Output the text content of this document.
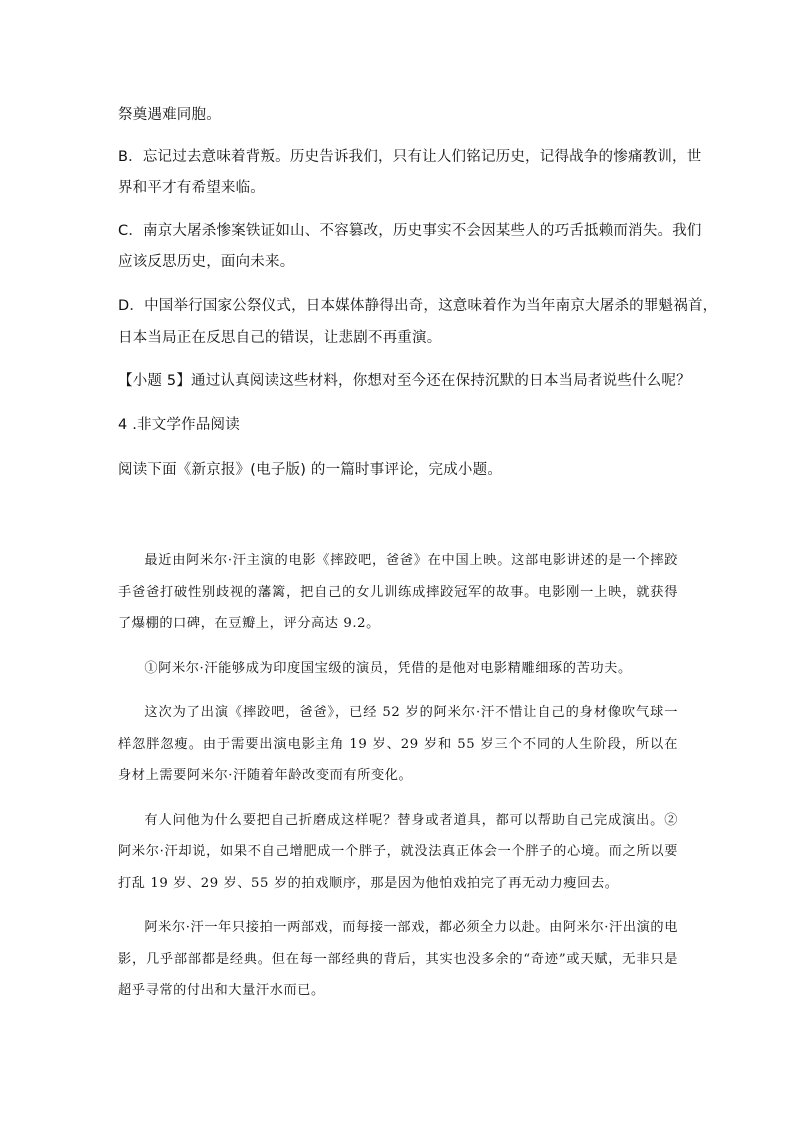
祭奠遇难同胞。
B．忘记过去意味着背叛。历史告诉我们，只有让人们铭记历史，记得战争的惨痛教训，世
界和平才有希望来临。
C．南京大屠杀惨案铁证如山、不容篡改，历史事实不会因某些人的巧舌抵赖而消失。我们
应该反思历史，面向未来。
D．中国举行国家公祭仪式，日本媒体静得出奇，这意味着作为当年南京大屠杀的罪魁祸首，
日本当局正在反思自己的错误，让悲剧不再重演。
【小题 5】通过认真阅读这些材料，你想对至今还在保持沉默的日本当局者说些什么呢？
4 .非文学作品阅读
阅读下面《新京报》(电子版) 的一篇时事评论，完成小题。

最近由阿米尔·汗主演的电影《摔跤吧，爸爸》在中国上映。这部电影讲述的是一个摔跤手爸爸打破性别歧视的藩篱，把自己的女儿训练成摔跤冠军的故事。电影刚一上映，就获得了爆棚的口碑，在豆瓣上，评分高达 9.2。

①阿米尔·汗能够成为印度国宝级的演员，凭借的是他对电影精雕细琢的苦功夫。

这次为了出演《摔跤吧，爸爸》，已经 52 岁的阿米尔·汗不惜让自己的身材像吹气球一样忽胖忽瘦。由于需要出演电影主角 19 岁、29 岁和 55 岁三个不同的人生阶段，所以在身材上需要阿米尔·汗随着年龄改变而有所变化。

有人问他为什么要把自己折磨成这样呢？替身或者道具，都可以帮助自己完成演出。②阿米尔·汗却说，如果不自己增肥成一个胖子，就没法真正体会一个胖子的心境。而之所以要打乱 19 岁、29 岁、55 岁的拍戏顺序，那是因为他怕戏拍完了再无动力瘦回去。

阿米尔·汗一年只接拍一两部戏，而每接一部戏，都必须全力以赴。由阿米尔·汗出演的电影，几乎部部都是经典。但在每一部经典的背后，其实也没多余的“奇迹”或天赋，无非只是超乎寻常的付出和大量汗水而已。
